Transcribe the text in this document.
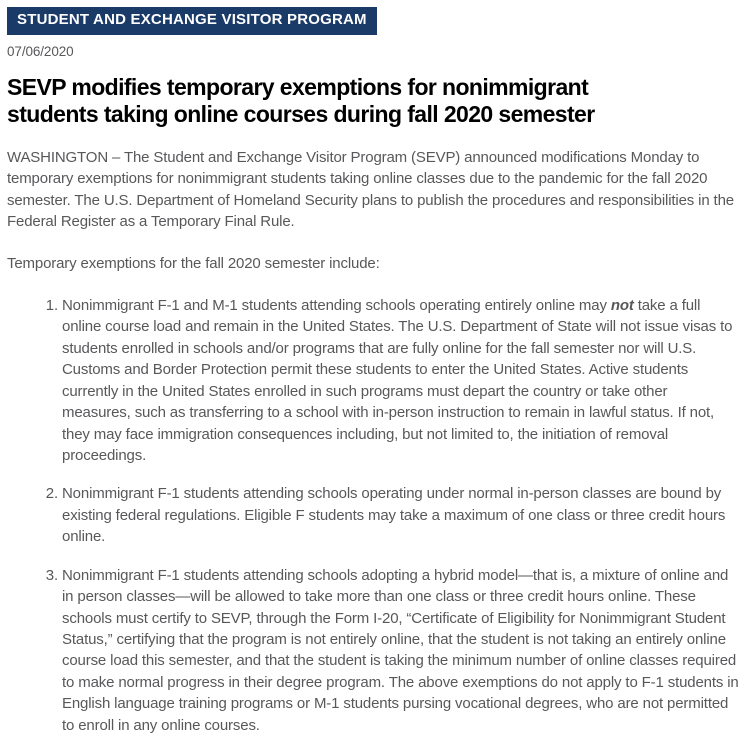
STUDENT AND EXCHANGE VISITOR PROGRAM
07/06/2020
SEVP modifies temporary exemptions for nonimmigrant students taking online courses during fall 2020 semester

WASHINGTON – The Student and Exchange Visitor Program (SEVP) announced modifications Monday to temporary exemptions for nonimmigrant students taking online classes due to the pandemic for the fall 2020 semester. The U.S. Department of Homeland Security plans to publish the procedures and responsibilities in the Federal Register as a Temporary Final Rule.

Temporary exemptions for the fall 2020 semester include:

1. Nonimmigrant F-1 and M-1 students attending schools operating entirely online may not take a full online course load and remain in the United States. The U.S. Department of State will not issue visas to students enrolled in schools and/or programs that are fully online for the fall semester nor will U.S. Customs and Border Protection permit these students to enter the United States. Active students currently in the United States enrolled in such programs must depart the country or take other measures, such as transferring to a school with in-person instruction to remain in lawful status. If not, they may face immigration consequences including, but not limited to, the initiation of removal proceedings.
2. Nonimmigrant F-1 students attending schools operating under normal in-person classes are bound by existing federal regulations. Eligible F students may take a maximum of one class or three credit hours online.
3. Nonimmigrant F-1 students attending schools adopting a hybrid model—that is, a mixture of online and in person classes—will be allowed to take more than one class or three credit hours online. These schools must certify to SEVP, through the Form I-20, “Certificate of Eligibility for Nonimmigrant Student Status,” certifying that the program is not entirely online, that the student is not taking an entirely online course load this semester, and that the student is taking the minimum number of online classes required to make normal progress in their degree program. The above exemptions do not apply to F-1 students in English language training programs or M-1 students pursing vocational degrees, who are not permitted to enroll in any online courses.
